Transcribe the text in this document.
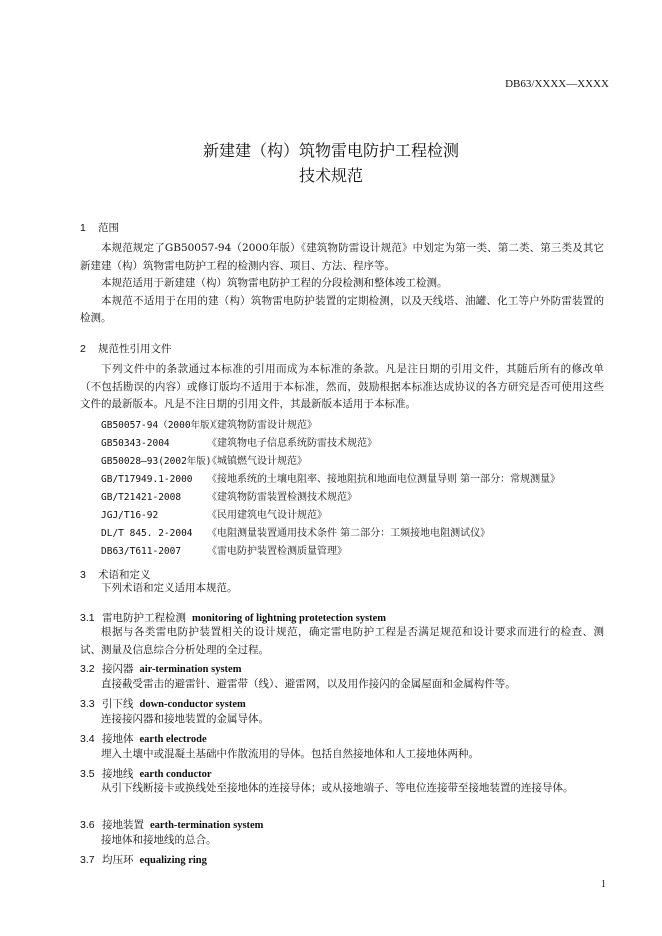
DB63/XXXX—XXXX
新建建（构）筑物雷电防护工程检测
技术规范
1 范围

本规范规定了GB50057-94（2000年版）《建筑物防雷设计规范》中划定为第一类、第二类、第三类及其它新建建（构）筑物雷电防护工程的检测内容、项目、方法、程序等。

本规范适用于新建建（构）筑物雷电防护工程的分段检测和整体竣工检测。

本规范不适用于在用的建（构）筑物雷电防护装置的定期检测，以及天线塔、油罐、化工等户外防雷装置的检测。

2 规范性引用文件

下列文件中的条款通过本标准的引用而成为本标准的条款。凡是注日期的引用文件，其随后所有的修改单（不包括勘误的内容）或修订版均不适用于本标准，然而，鼓励根据本标准达成协议的各方研究是否可使用这些文件的最新版本。凡是不注日期的引用文件，其最新版本适用于本标准。

GB50057-94（2000年版）《建筑物防雷设计规范》
GB50343-2004	《建筑物电子信息系统防雷技术规范》
GB50028—93(2002年版)《城镇燃气设计规范》
GB/T17949.1-2000 《接地系统的土壤电阻率、接地阻抗和地面电位测量导则 第一部分：常规测量》
GB/T21421-2008	《建筑物防雷装置检测技术规范》
JGJ/T16-92	《民用建筑电气设计规范》
DL/T 845. 2-2004 《电阻测量装置通用技术条件 第二部分：工频接地电阻测试仪》
DB63/T611-2007	《雷电防护装置检测质量管理》
3 术语和定义

下列术语和定义适用本规范。

3.1 雷电防护工程检测 monitoring of lightning protetection system

根据与各类雷电防护装置相关的设计规范，确定雷电防护工程是否满足规范和设计要求而进行的检查、测试、测量及信息综合分析处理的全过程。

3.2 接闪器 air-termination system

直接截受雷击的避雷针、避雷带（线）、避雷网，以及用作接闪的金属屋面和金属构件等。

3.3 引下线 down-conductor system

连接接闪器和接地装置的金属导体。

3.4 接地体 earth electrode

埋入土壤中或混凝土基础中作散流用的导体。包括自然接地体和人工接地体两种。

3.5 接地线 earth conductor

从引下线断接卡或换线处至接地体的连接导体；或从接地端子、等电位连接带至接地装置的连接导体。

3.6 接地装置 earth-termination system

接地体和接地线的总合。

3.7 均压环 equalizing ring
1
